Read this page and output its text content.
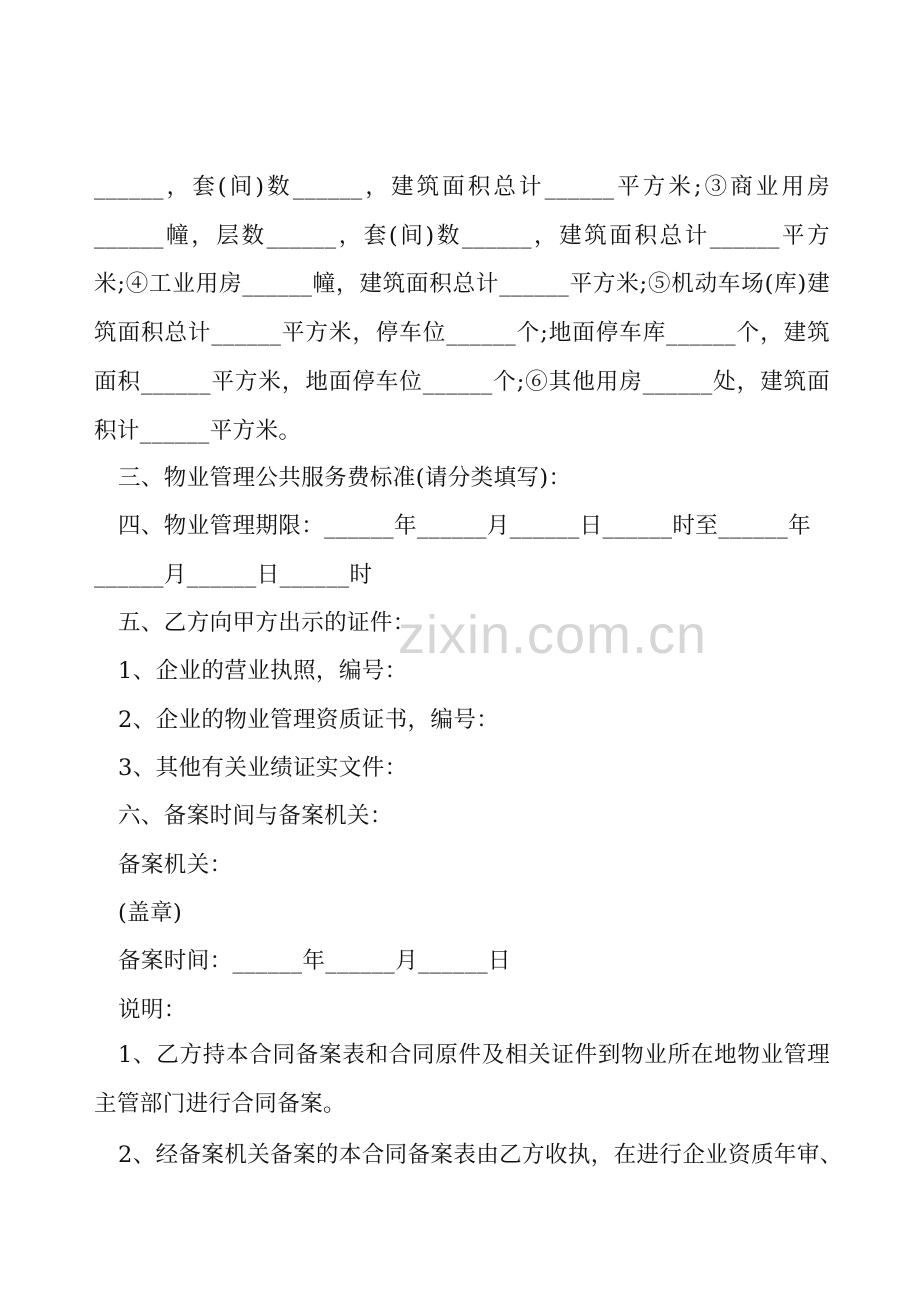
______，套(间)数______，建筑面积总计______平方米;③商业用房______幢，层数______，套(间)数______，建筑面积总计______平方米;④工业用房______幢，建筑面积总计______平方米;⑤机动车场(库)建筑面积总计______平方米，停车位______个;地面停车库______个，建筑面积______平方米，地面停车位______个;⑥其他用房______处，建筑面积计______平方米。
三、物业管理公共服务费标准(请分类填写)：
四、物业管理期限：______年______月______日______时至______年
______月______日______时
五、乙方向甲方出示的证件：
1、企业的营业执照，编号：
2、企业的物业管理资质证书，编号：
3、其他有关业绩证实文件：
六、备案时间与备案机关：
备案机关：
(盖章)
备案时间：______年______月______日
说明：
1、乙方持本合同备案表和合同原件及相关证件到物业所在地物业管理主管部门进行合同备案。
2、经备案机关备案的本合同备案表由乙方收执，在进行企业资质年审、
zixin.com.cn
